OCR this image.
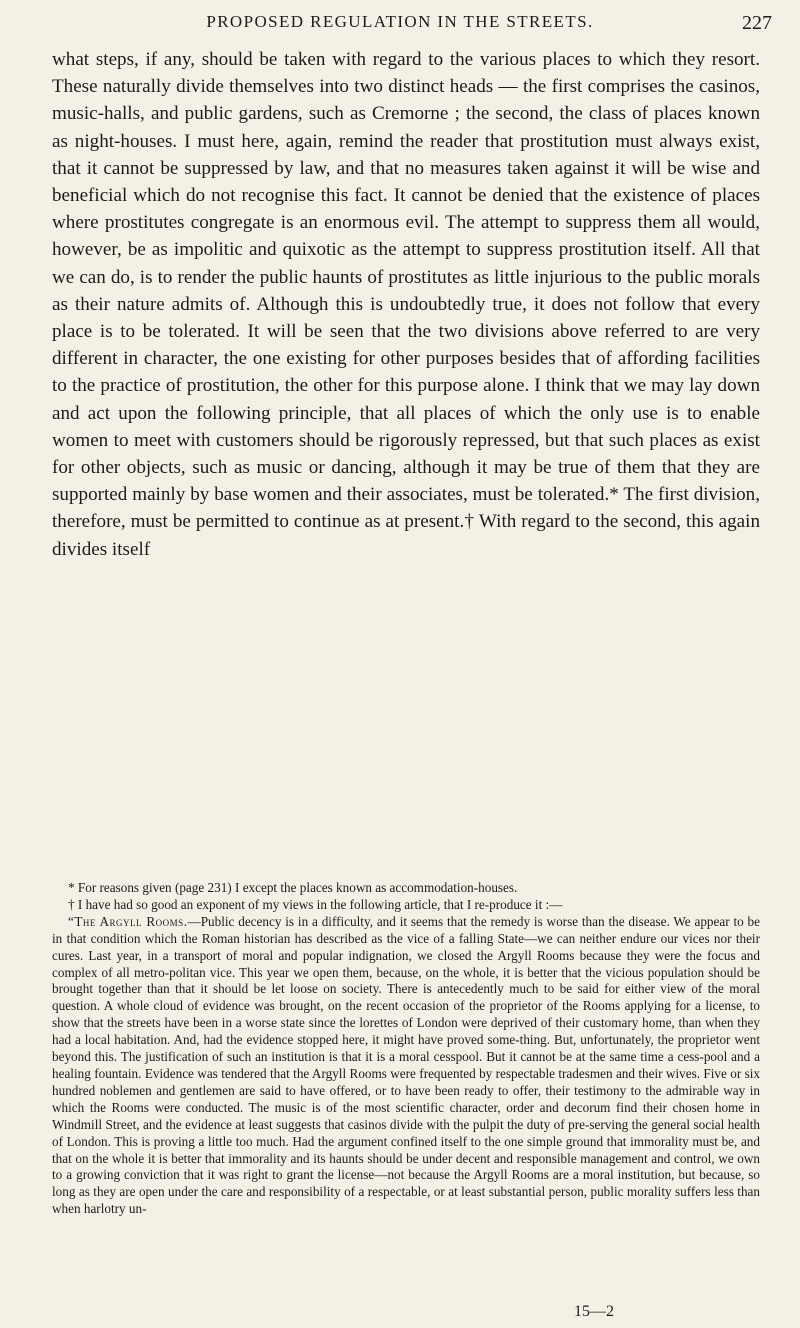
PROPOSED REGULATION IN THE STREETS.	227

what steps, if any, should be taken with regard to the various places to which they resort. These naturally divide themselves into two distinct heads — the first comprises the casinos, music-halls, and public gardens, such as Cremorne ; the second, the class of places known as night-houses. I must here, again, remind the reader that prostitution must always exist, that it cannot be suppressed by law, and that no measures taken against it will be wise and beneficial which do not recognise this fact. It cannot be denied that the existence of places where prostitutes congregate is an enormous evil. The attempt to suppress them all would, however, be as impolitic and quixotic as the attempt to suppress prostitution itself. All that we can do, is to render the public haunts of prostitutes as little injurious to the public morals as their nature admits of. Although this is undoubtedly true, it does not follow that every place is to be tolerated. It will be seen that the two divisions above referred to are very different in character, the one existing for other purposes besides that of affording facilities to the practice of prostitution, the other for this purpose alone. I think that we may lay down and act upon the following principle, that all places of which the only use is to enable women to meet with customers should be rigorously repressed, but that such places as exist for other objects, such as music or dancing, although it may be true of them that they are supported mainly by base women and their associates, must be tolerated.* The first division, therefore, must be permitted to continue as at present.† With regard to the second, this again divides itself

* For reasons given (page 231) I except the places known as accommodation-houses.

† I have had so good an exponent of my views in the following article, that I re-produce it :—

“The Argyll Rooms.—Public decency is in a difficulty, and it seems that the remedy is worse than the disease. We appear to be in that condition which the Roman historian has described as the vice of a falling State—we can neither endure our vices nor their cures. Last year, in a transport of moral and popular indignation, we closed the Argyll Rooms because they were the focus and complex of all metro-politan vice. This year we open them, because, on the whole, it is better that the vicious population should be brought together than that it should be let loose on society. There is antecedently much to be said for either view of the moral question. A whole cloud of evidence was brought, on the recent occasion of the proprietor of the Rooms applying for a license, to show that the streets have been in a worse state since the lorettes of London were deprived of their customary home, than when they had a local habitation. And, had the evidence stopped here, it might have proved some-thing. But, unfortunately, the proprietor went beyond this. The justification of such an institution is that it is a moral cesspool. But it cannot be at the same time a cess-pool and a healing fountain. Evidence was tendered that the Argyll Rooms were frequented by respectable tradesmen and their wives. Five or six hundred noblemen and gentlemen are said to have offered, or to have been ready to offer, their testimony to the admirable way in which the Rooms were conducted. The music is of the most scientific character, order and decorum find their chosen home in Windmill Street, and the evidence at least suggests that casinos divide with the pulpit the duty of pre-serving the general social health of London. This is proving a little too much. Had the argument confined itself to the one simple ground that immorality must be, and that on the whole it is better that immorality and its haunts should be under decent and responsible management and control, we own to a growing conviction that it was right to grant the license—not because the Argyll Rooms are a moral institution, but because, so long as they are open under the care and responsibility of a respectable, or at least substantial person, public morality suffers less than when harlotry un-

15—2
